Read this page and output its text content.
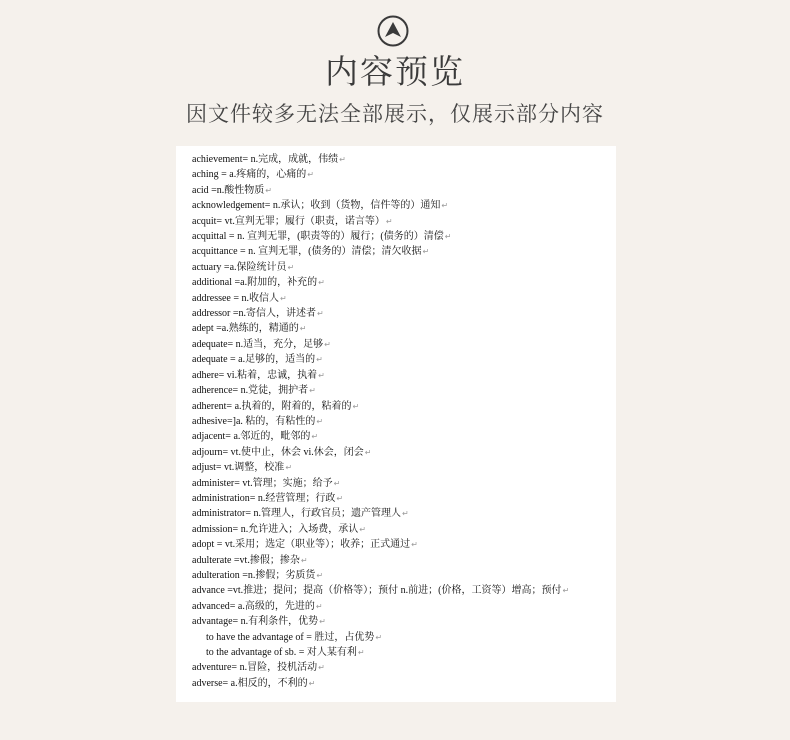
内容预览
因文件较多无法全部展示，仅展示部分内容
achievement= n.完成，成就，伟绩↵
aching = a.疼痛的，心痛的↵
acid =n.酸性物质↵
acknowledgement= n.承认；收到（货物，信件等的）通知↵
acquit= vt.宣判无罪；履行（职责，诺言等）↵
acquittal = n. 宣判无罪，(职责等的）履行；(债务的）清偿↵
acquittance = n. 宣判无罪，(债务的）清偿；清欠收据↵
actuary =a.保险统计员↵
additional =a.附加的，补充的↵
addressee = n.收信人↵
addressor =n.寄信人，讲述者↵
adept =a.熟练的，精通的↵
adequate= n.适当，充分，足够↵
adequate = a.足够的，适当的↵
adhere= vi.粘着，忠诚，执着↵
adherence= n.党徒，拥护者↵
adherent= a.执着的，附着的，粘着的↵
adhesive=]a. 粘的，有粘性的↵
adjacent= a.邻近的，毗邻的↵
adjourn= vt.使中止，休会 vi.休会，闭会↵
adjust= vt.调整，校准↵
administer= vt.管理；实施；给予↵
administration= n.经营管理；行政↵
administrator= n.管理人，行政官员；遗产管理人↵
admission= n.允许进入；入场费，承认↵
adopt = vt.采用；选定（职业等）；收养；正式通过↵
adulterate =vt.掺假；掺杂↵
adulteration =n.掺假；劣质货↵
advance =vt.推进；提问；提高（价格等）；预付 n.前进；(价格，工资等）增高；预付↵
advanced= a.高级的，先进的↵
advantage= n.有利条件，优势↵
to have the advantage of = 胜过，占优势↵
to the advantage of sb. = 对人某有利↵
adventure= n.冒险，投机活动↵
adverse= a.相反的，不利的↵
